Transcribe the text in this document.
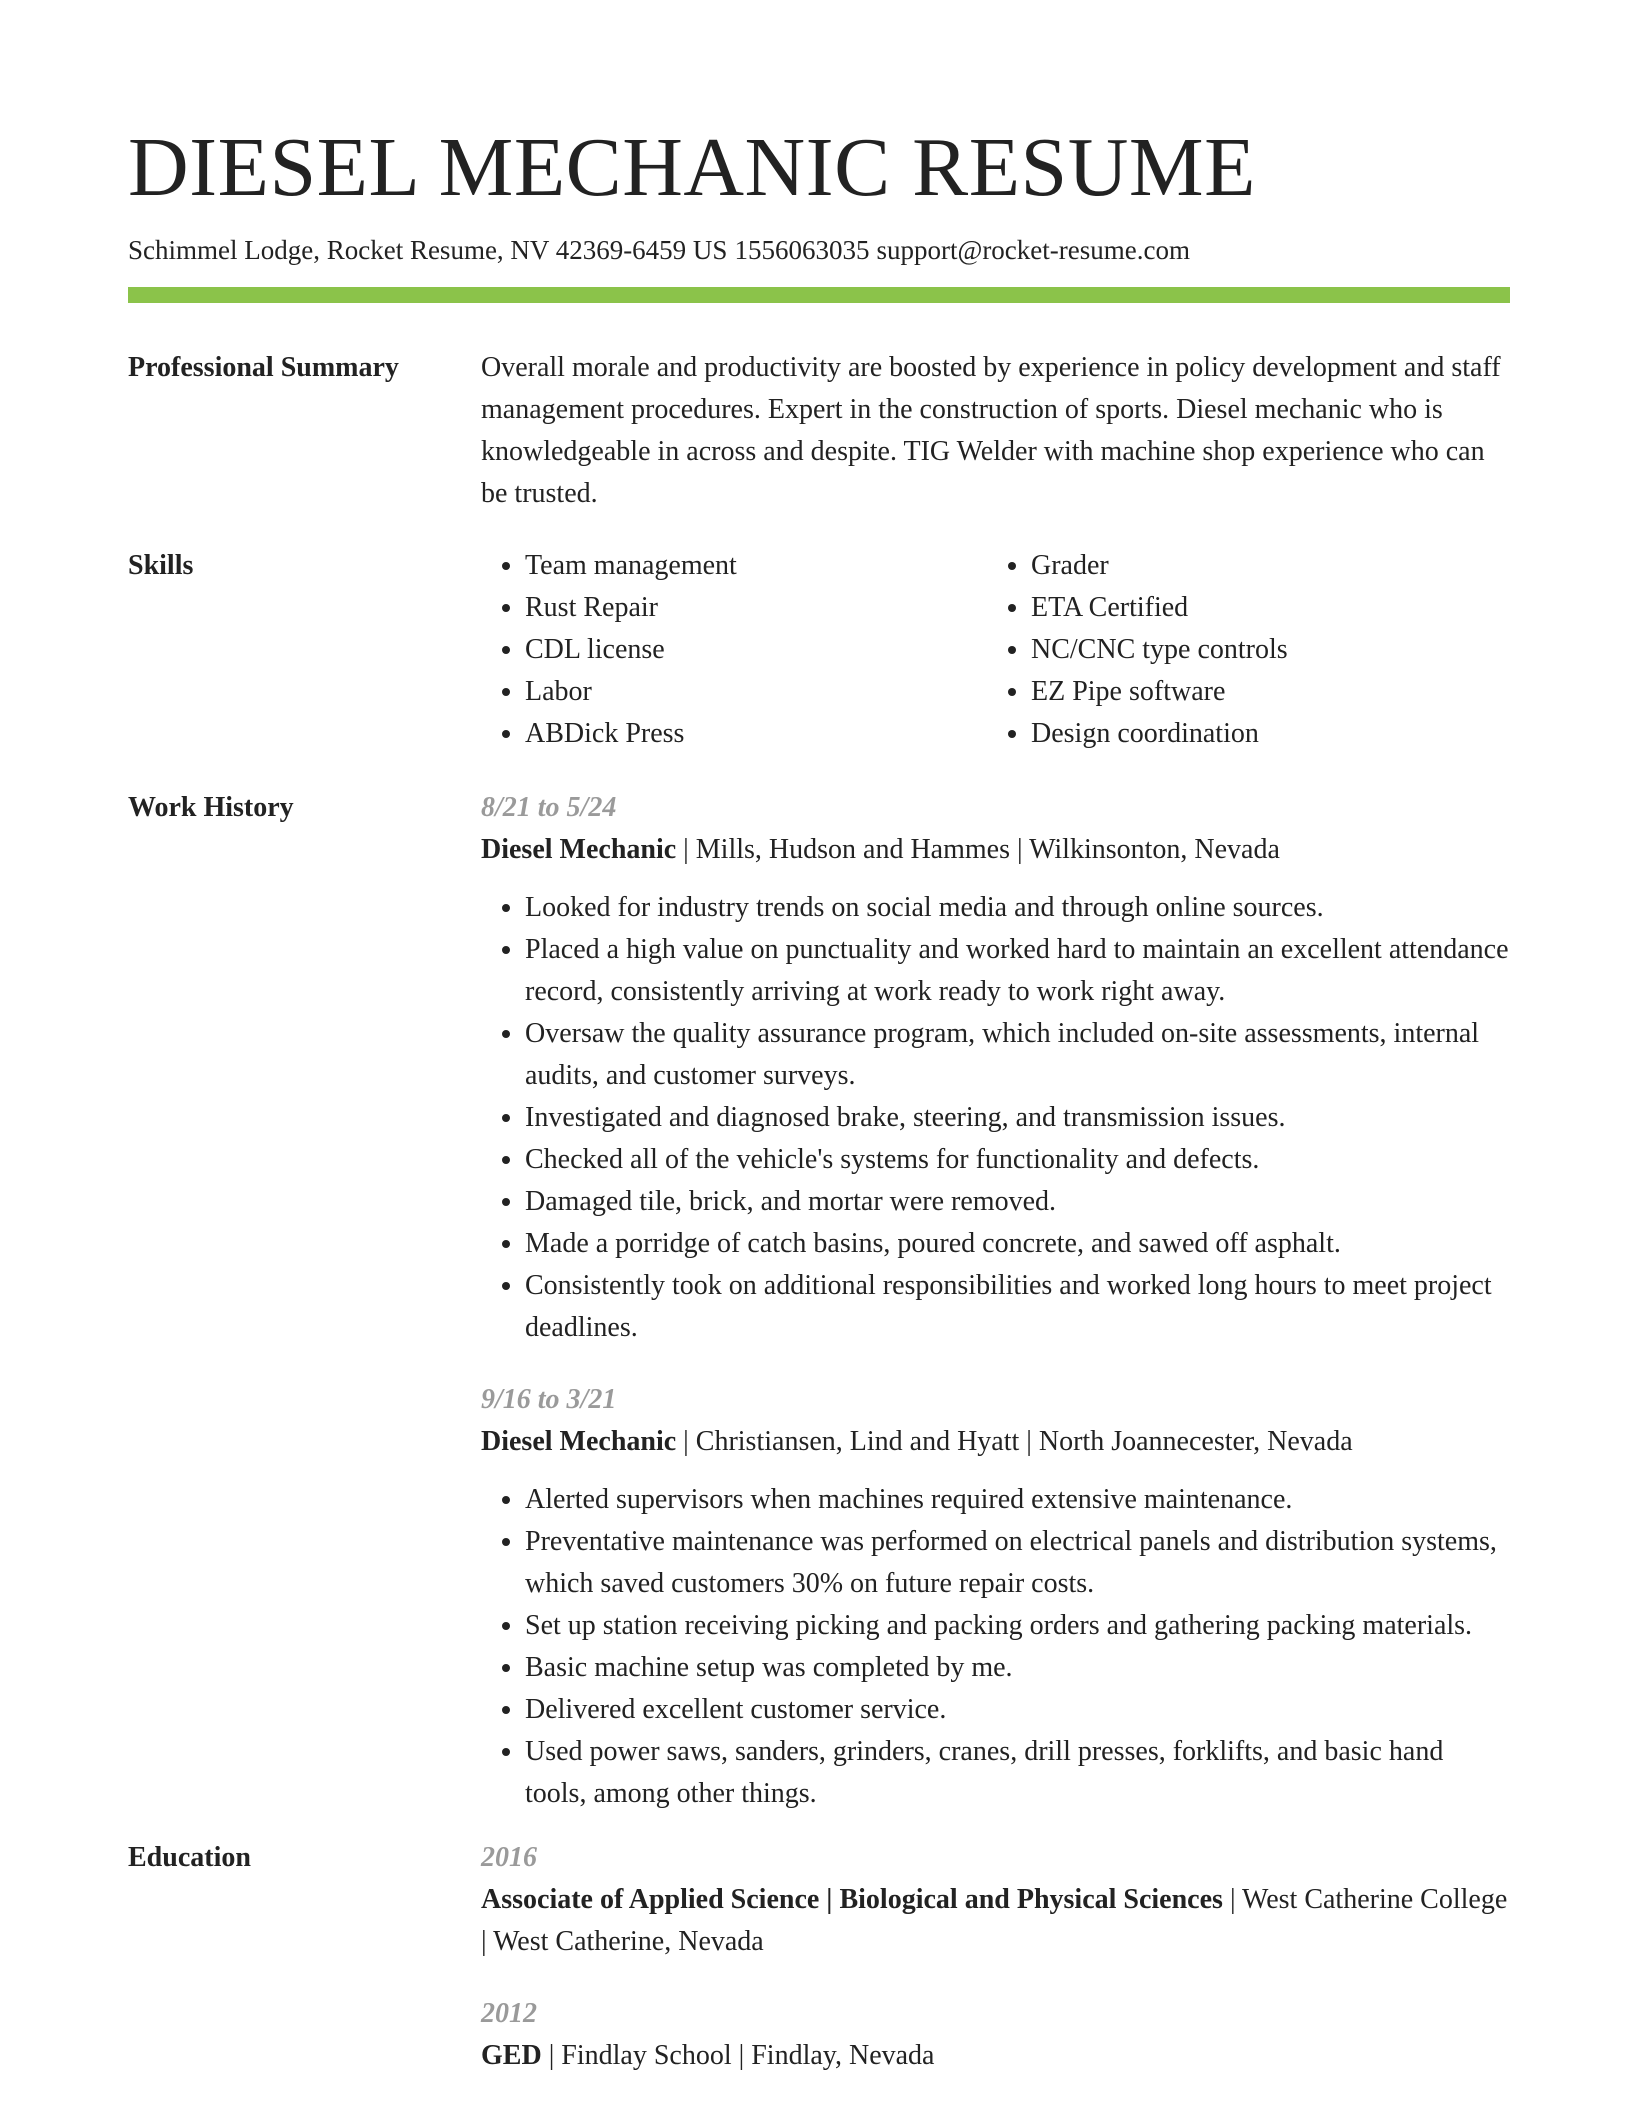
DIESEL MECHANIC RESUME
Schimmel Lodge, Rocket Resume, NV 42369-6459 US 1556063035 support@rocket-resume.com
Professional Summary	Overall morale and productivity are boosted by experience in policy development and staff management procedures. Expert in the construction of sports. Diesel mechanic who is knowledgeable in across and despite. TIG Welder with machine shop experience who can be trusted.

Skills
•	Team management
• Rust Repair
• CDL license
• Labor
• ABDick Press
• Grader
• ETA Certified
• NC/CNC type controls
• EZ Pipe software
• Design coordination
Work History	8/21 to 5/24
Diesel Mechanic | Mills, Hudson and Hammes | Wilkinsonton, Nevada
• Looked for industry trends on social media and through online sources.
• Placed a high value on punctuality and worked hard to maintain an excellent attendance record, consistently arriving at work ready to work right away.
• Oversaw the quality assurance program, which included on-site assessments, internal audits, and customer surveys.
• Investigated and diagnosed brake, steering, and transmission issues.
• Checked all of the vehicle's systems for functionality and defects.
• Damaged tile, brick, and mortar were removed.
• Made a porridge of catch basins, poured concrete, and sawed off asphalt.
• Consistently took on additional responsibilities and worked long hours to meet project deadlines.
9/16 to 3/21
Diesel Mechanic | Christiansen, Lind and Hyatt | North Joannecester, Nevada
• Alerted supervisors when machines required extensive maintenance.
• Preventative maintenance was performed on electrical panels and distribution systems, which saved customers 30% on future repair costs.
• Set up station receiving picking and packing orders and gathering packing materials.
• Basic machine setup was completed by me.
• Delivered excellent customer service.
• Used power saws, sanders, grinders, cranes, drill presses, forklifts, and basic hand tools, among other things.
Education	2016
Associate of Applied Science | Biological and Physical Sciences | West Catherine College | West Catherine, Nevada
2012
GED | Findlay School | Findlay, Nevada
